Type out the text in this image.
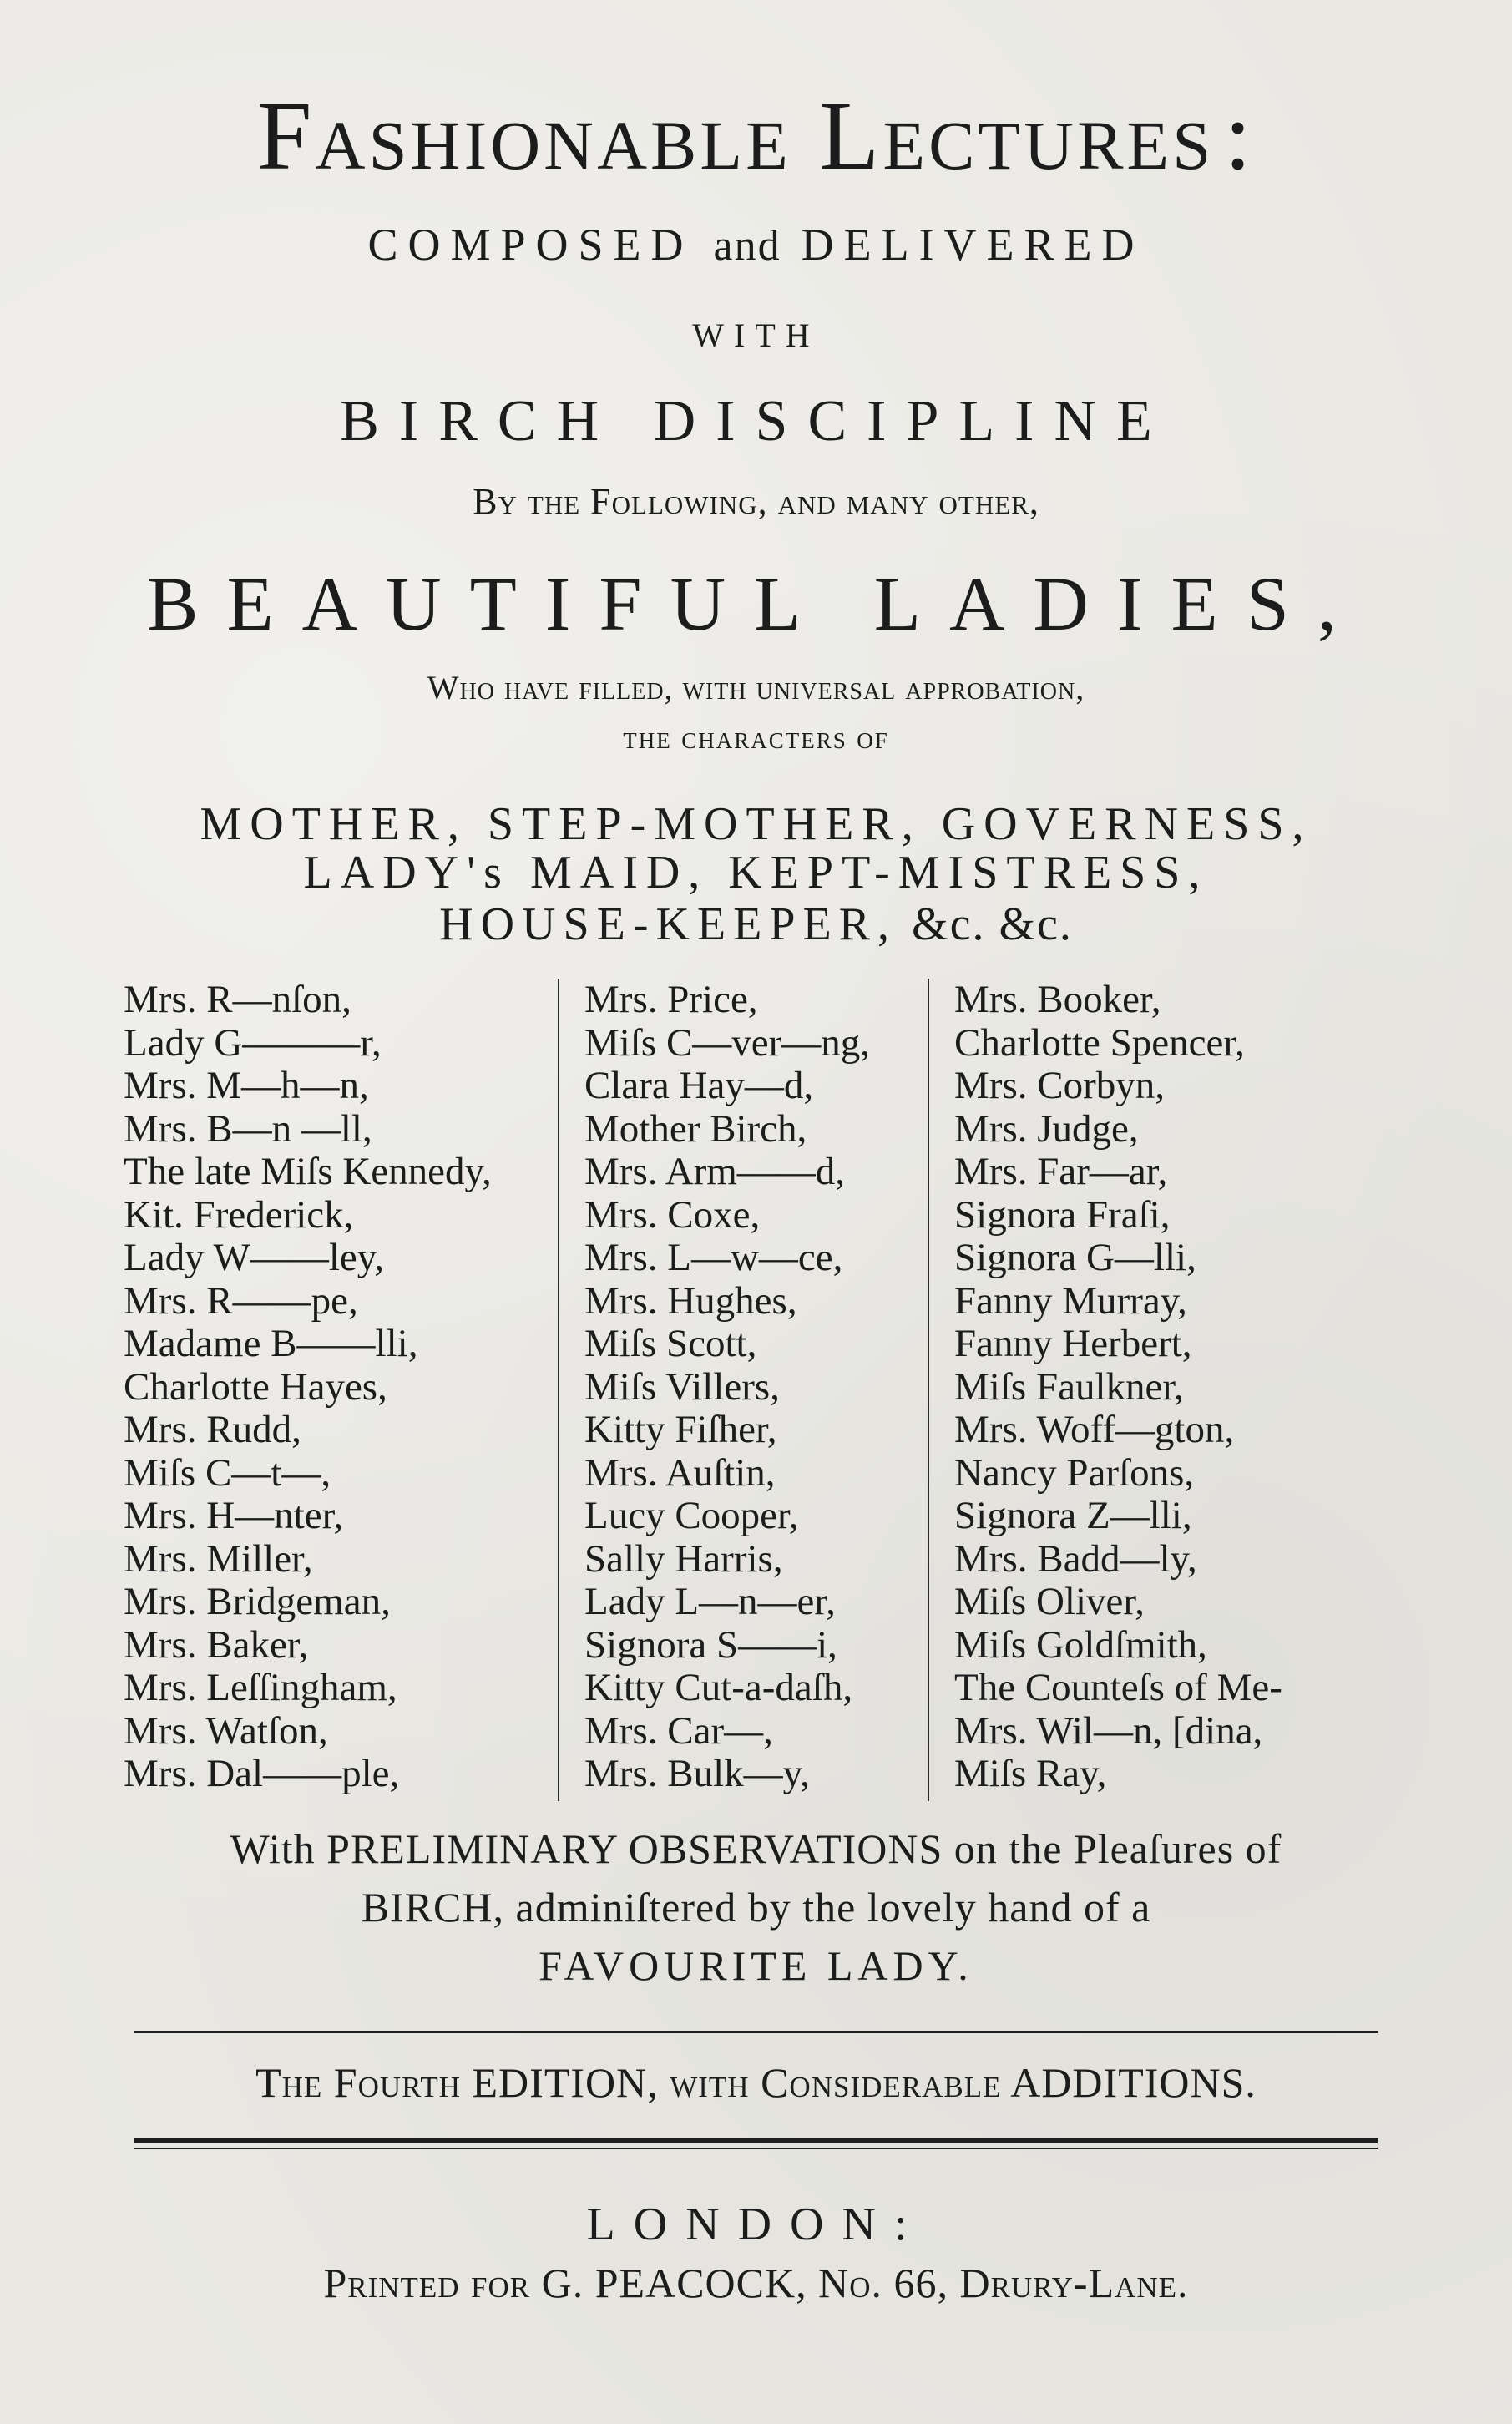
Fashionable Lectures :
COMPOSED and DELIVERED
WITH
BIRCH DISCIPLINE
By the Following, and many other,
BEAUTIFUL LADIES,
Who have filled, with universal approbation,
the characters of
MOTHER, STEP-MOTHER, GOVERNESS,
LADY's MAID, KEPT-MISTRESS,
HOUSE-KEEPER, &c. &c.
Mrs. R—nſon,
Lady G———r,
Mrs. M—h—n,
Mrs. B—n —ll,
The late Miſs Kennedy,
Kit. Frederick,
Lady W——ley,
Mrs. R——pe,
Madame B——lli,
Charlotte Hayes,
Mrs. Rudd,
Miſs C—t—,
Mrs. H—nter,
Mrs. Miller,
Mrs. Bridgeman,
Mrs. Baker,
Mrs. Leſſingham,
Mrs. Watſon,
Mrs. Dal——ple,
Mrs. Price,
Miſs C—ver—ng,
Clara Hay—d,
Mother Birch,
Mrs. Arm——d,
Mrs. Coxe,
Mrs. L—w—ce,
Mrs. Hughes,
Miſs Scott,
Miſs Villers,
Kitty Fiſher,
Mrs. Auſtin,
Lucy Cooper,
Sally Harris,
Lady L—n—er,
Signora S——i,
Kitty Cut-a-daſh,
Mrs. Car—,
Mrs. Bulk—y,
Mrs. Booker,
Charlotte Spencer,
Mrs. Corbyn,
Mrs. Judge,
Mrs. Far—ar,
Signora Fraſi,
Signora G—lli,
Fanny Murray,
Fanny Herbert,
Miſs Faulkner,
Mrs. Woff—gton,
Nancy Parſons,
Signora Z—lli,
Mrs. Badd—ly,
Miſs Oliver,
Miſs Goldſmith,
The Counteſs of Me-
Mrs. Wil—n, [dina,
Miſs Ray,
With PRELIMINARY OBSERVATIONS on the Pleaſures of
BIRCH, adminiſtered by the lovely hand of a
FAVOURITE LADY.
The Fourth EDITION, with Considerable ADDITIONS.
LONDON:
Printed for G. PEACOCK, No. 66, Drury-Lane.
